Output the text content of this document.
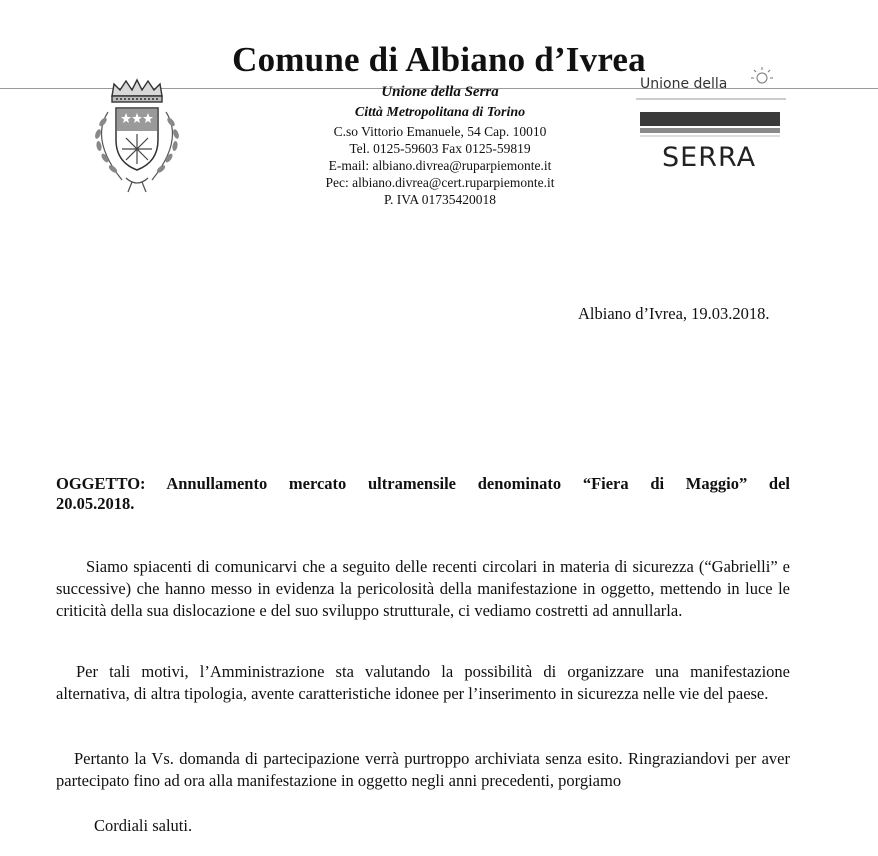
Comune di Albiano d’Ivrea
Unione della Serra
Città Metropolitana di Torino
C.so Vittorio Emanuele, 54 Cap. 10010
Tel. 0125-59603 Fax 0125-59819
E-mail: albiano.divrea@ruparpiemonte.it
Pec: albiano.divrea@cert.ruparpiemonte.it
P. IVA 01735420018
Unione della
SERRA
Albiano d’Ivrea, 19.03.2018.
OGGETTO: Annullamento mercato ultramensile denominato “Fiera di Maggio” del
20.05.2018.
Siamo spiacenti di comunicarvi che a seguito delle recenti circolari in materia di sicurezza (“Gabrielli” e successive) che hanno messo in evidenza la pericolosità della manifestazione in oggetto, mettendo in luce le criticità della sua dislocazione e del suo sviluppo strutturale, ci vediamo costretti ad annullarla.
Per tali motivi, l’Amministrazione sta valutando la possibilità di organizzare una manifestazione alternativa, di altra tipologia, avente caratteristiche idonee per l’inserimento in sicurezza nelle vie del paese.
Pertanto la Vs. domanda di partecipazione verrà purtroppo archiviata senza esito. Ringraziandovi per aver partecipato fino ad ora alla manifestazione in oggetto negli anni precedenti, porgiamo
Cordiali saluti.
